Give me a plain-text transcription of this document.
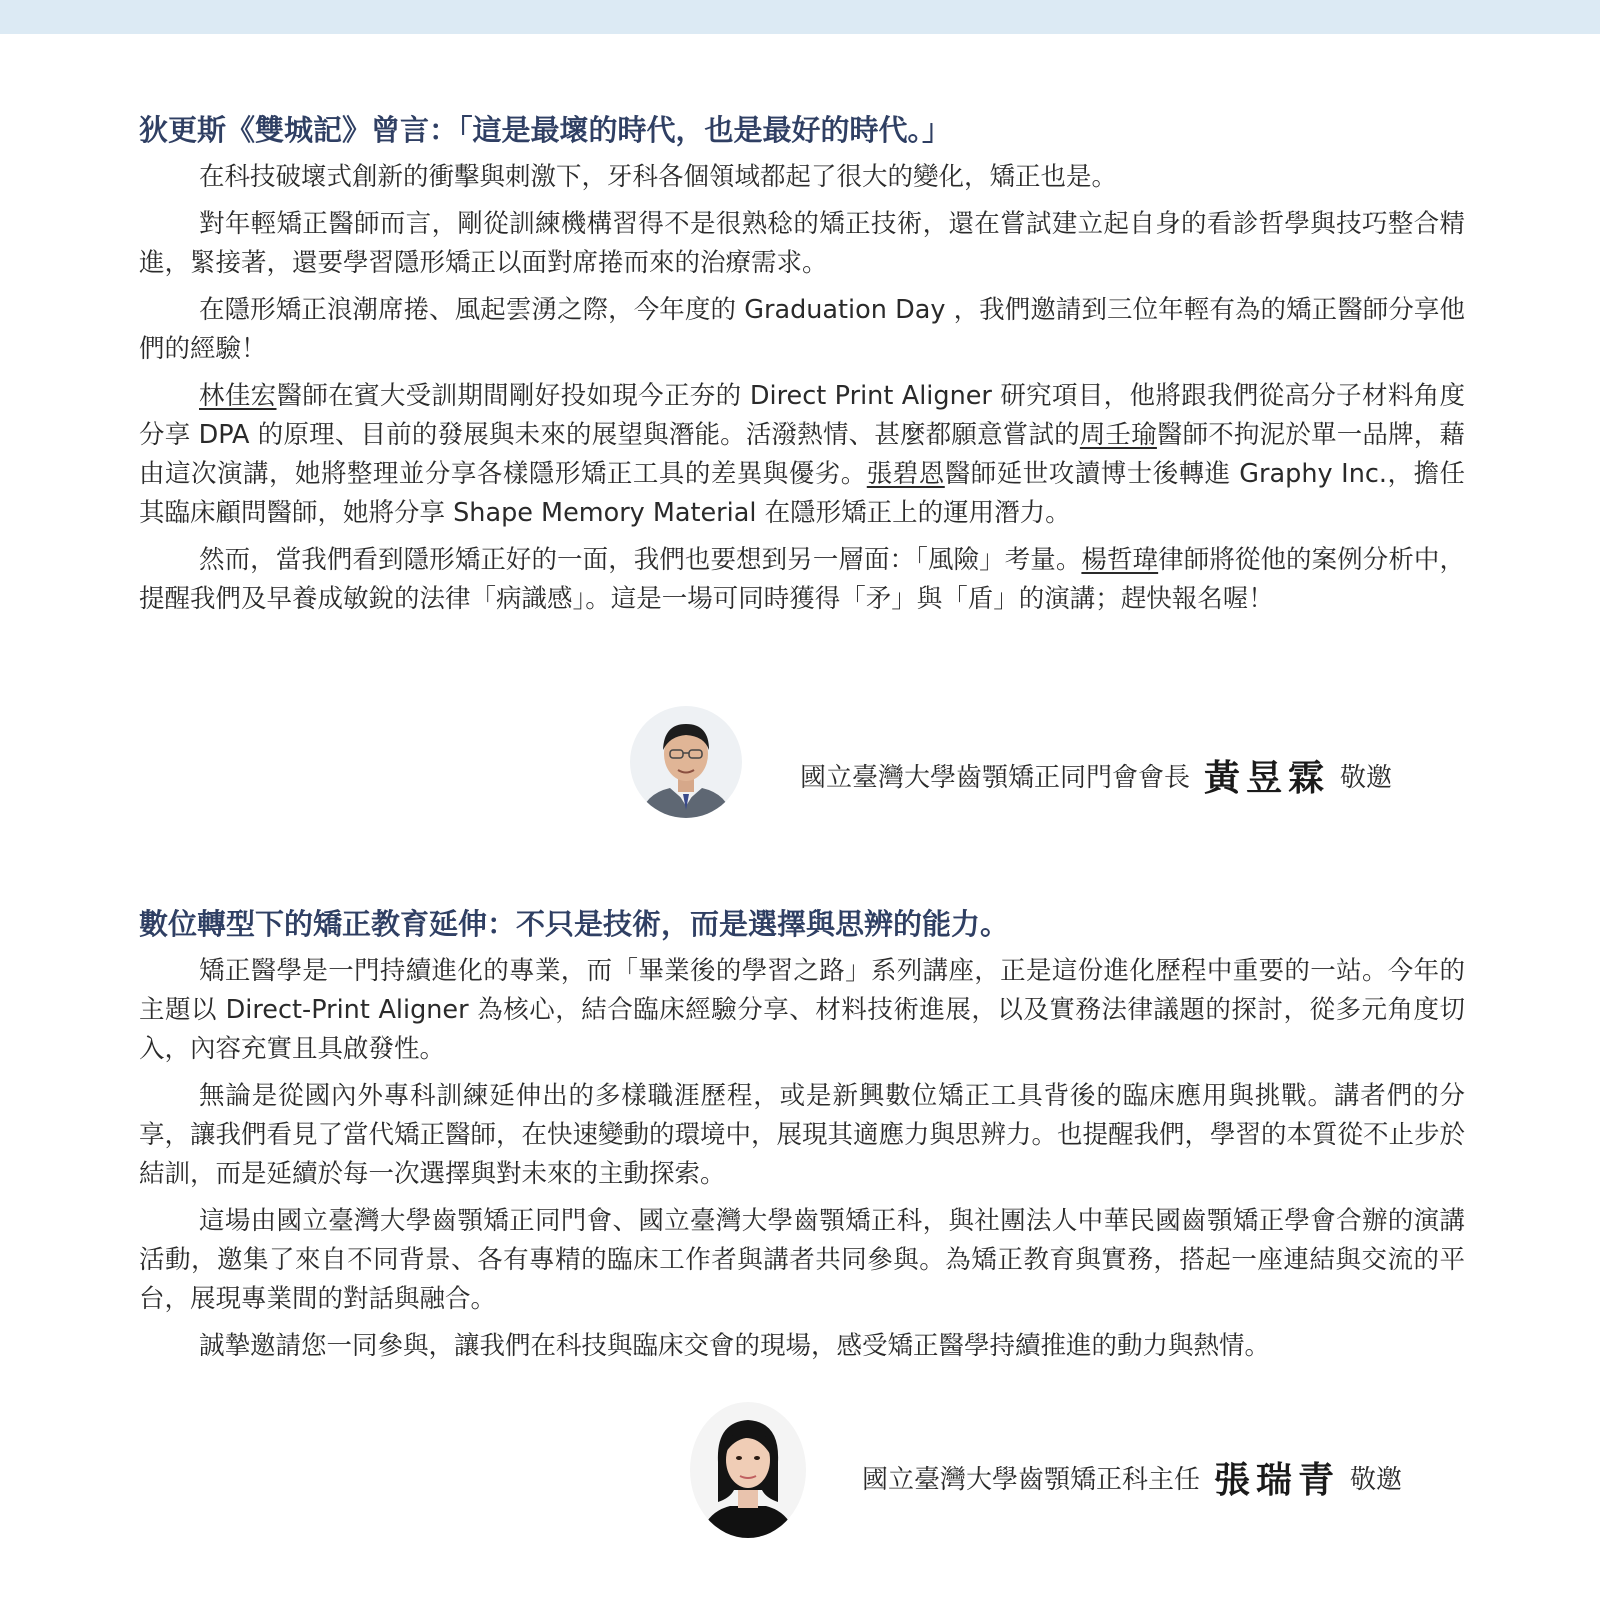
狄更斯《雙城記》曾言：「這是最壞的時代，也是最好的時代。」

在科技破壞式創新的衝擊與刺激下，牙科各個領域都起了很大的變化，矯正也是。

對年輕矯正醫師而言，剛從訓練機構習得不是很熟稔的矯正技術，還在嘗試建立起自身的看診哲學與技巧整合精進，緊接著，還要學習隱形矯正以面對席捲而來的治療需求。

在隱形矯正浪潮席捲、風起雲湧之際，今年度的 Graduation Day ，我們邀請到三位年輕有為的矯正醫師分享他們的經驗！

林佳宏醫師在賓大受訓期間剛好投如現今正夯的 Direct Print Aligner 研究項目，他將跟我們從高分子材料角度分享 DPA 的原理、目前的發展與未來的展望與潛能。活潑熱情、甚麼都願意嘗試的周壬瑜醫師不拘泥於單一品牌，藉由這次演講，她將整理並分享各樣隱形矯正工具的差異與優劣。張碧恩醫師延世攻讀博士後轉進 Graphy Inc.，擔任其臨床顧問醫師，她將分享 Shape Memory Material 在隱形矯正上的運用潛力。

然而，當我們看到隱形矯正好的一面，我們也要想到另一層面：「風險」考量。楊哲瑋律師將從他的案例分析中，提醒我們及早養成敏銳的法律「病識感」。這是一場可同時獲得「矛」與「盾」的演講；趕快報名喔！

國立臺灣大學齒顎矯正同門會會長 黃昱霖 敬邀
數位轉型下的矯正教育延伸：不只是技術，而是選擇與思辨的能力。

矯正醫學是一門持續進化的專業，而「畢業後的學習之路」系列講座，正是這份進化歷程中重要的一站。今年的主題以 Direct-Print Aligner 為核心，結合臨床經驗分享、材料技術進展，以及實務法律議題的探討，從多元角度切入，內容充實且具啟發性。

無論是從國內外專科訓練延伸出的多樣職涯歷程，或是新興數位矯正工具背後的臨床應用與挑戰。講者們的分享，讓我們看見了當代矯正醫師，在快速變動的環境中，展現其適應力與思辨力。也提醒我們，學習的本質從不止步於結訓，而是延續於每一次選擇與對未來的主動探索。

這場由國立臺灣大學齒顎矯正同門會、國立臺灣大學齒顎矯正科，與社團法人中華民國齒顎矯正學會合辦的演講活動，邀集了來自不同背景、各有專精的臨床工作者與講者共同參與。為矯正教育與實務，搭起一座連結與交流的平台，展現專業間的對話與融合。

誠摯邀請您一同參與，讓我們在科技與臨床交會的現場，感受矯正醫學持續推進的動力與熱情。

國立臺灣大學齒顎矯正科主任 張瑞青 敬邀
